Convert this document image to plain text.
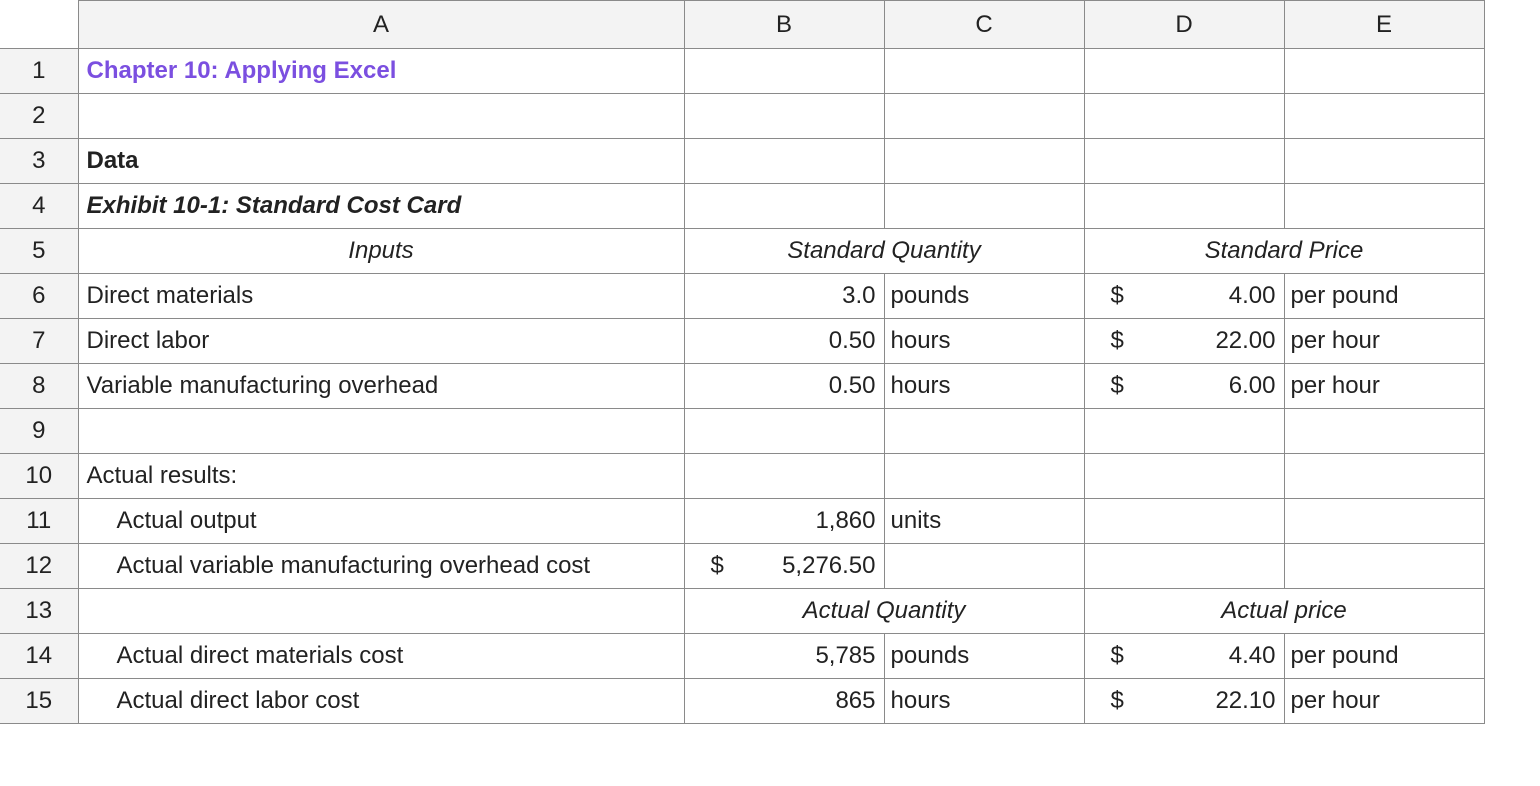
	A	B	C	D	E
1	Chapter 10: Applying Excel				
2					
3	Data				
4	Exhibit 10-1: Standard Cost Card				
5	Inputs	Standard Quantity		Standard Price	
6	Direct materials	3.0	pounds	$ 4.00	per pound
7	Direct labor	0.50	hours	$ 22.00	per hour
8	Variable manufacturing overhead	0.50	hours	$ 6.00	per hour
9					
10	Actual results:				
11	Actual output	1,860	units		
12	Actual variable manufacturing overhead cost	$ 5,276.50			

13		Actual Quantity		Actual price	
14	Actual direct materials cost	5,785	pounds	$ 4.40	per pound
15	Actual direct labor cost	865	hours	$ 22.10	per hour
